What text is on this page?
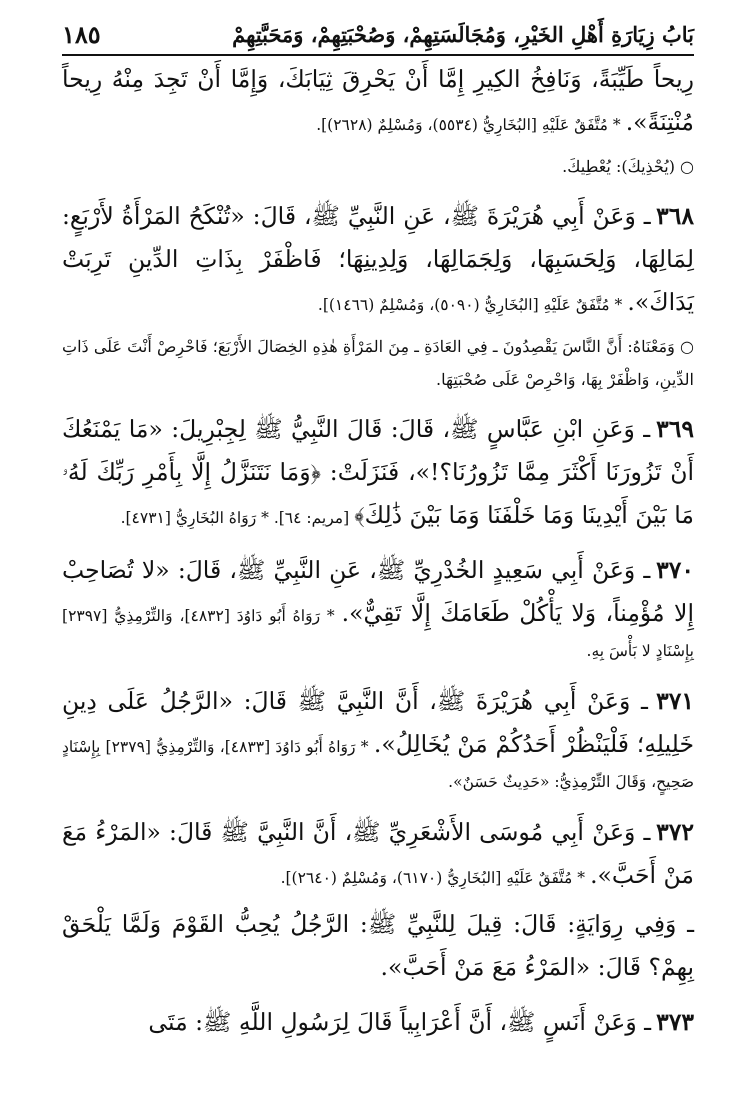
بَابُ زِيَارَةِ أَهْلِ الخَيْرِ، وَمُجَالَسَتِهِمْ، وَصُحْبَتِهِمْ، وَمَحَبَّتِهِمْ
١٨٥

رِيحاً طَيِّبَةً، وَنَافِخُ الكِيرِ إِمَّا أَنْ يَحْرِقَ ثِيَابَكَ، وَإِمَّا أَنْ تَجِدَ مِنْهُ رِيحاً مُنْتِنَةً». * مُتَّفَقٌ عَلَيْهِ [البُخَارِيُّ (٥٥٣٤)، وَمُسْلِمٌ (٢٦٢٨)].

○ (يُحْذِيكَ): يُعْطِيكَ.

٣٦٨ ـ وَعَنْ أَبِي هُرَيْرَةَ ﷺ، عَنِ النَّبِيِّ ﷺ، قَالَ: «تُنْكَحُ المَرْأَةُ لأَرْبَعٍ: لِمَالِهَا، وَلِحَسَبِهَا، وَلِجَمَالِهَا، وَلِدِينِهَا؛ فَاظْفَرْ بِذَاتِ الدِّينِ تَرِبَتْ يَدَاكَ». * مُتَّفَقٌ عَلَيْهِ [البُخَارِيُّ (٥٠٩٠)، وَمُسْلِمٌ (١٤٦٦)].

○ وَمَعْنَاهُ: أَنَّ النَّاسَ يَقْصِدُونَ ـ فِي العَادَةِ ـ مِنَ المَرْأَةِ هٰذِهِ الخِصَالَ الأَرْبَعَ؛ فَاحْرِصْ أَنْتَ عَلَى ذَاتِ الدِّينِ، وَاظْفَرْ بِهَا، وَاحْرِصْ عَلَى صُحْبَتِهَا.

٣٦٩ ـ وَعَنِ ابْنِ عَبَّاسٍ ﷺ، قَالَ: قَالَ النَّبِيُّ ﷺ لِجِبْرِيلَ: «مَا يَمْنَعُكَ أَنْ تَزُورَنَا أَكْثَرَ مِمَّا تَزُورُنَا؟!»، فَنَزَلَتْ: ﴿وَمَا نَتَنَزَّلُ إِلَّا بِأَمْرِ رَبِّكَ لَهُۥ مَا بَيْنَ أَيْدِينَا وَمَا خَلْفَنَا وَمَا بَيْنَ ذَٰلِكَ﴾ [مريم: ٦٤]. * رَوَاهُ البُخَارِيُّ [٤٧٣١].

٣٧٠ ـ وَعَنْ أَبِي سَعِيدٍ الخُدْرِيِّ ﷺ، عَنِ النَّبِيِّ ﷺ، قَالَ: «لا تُصَاحِبْ إِلا مُؤْمِناً، وَلا يَأْكُلْ طَعَامَكَ إِلَّا تَقِيٌّ». * رَوَاهُ أَبُو دَاوُدَ [٤٨٣٢]، وَالتِّرْمِذِيُّ [٢٣٩٧] بِإِسْنَادٍ لا بَأْسَ بِهِ.

٣٧١ ـ وَعَنْ أَبِي هُرَيْرَةَ ﷺ، أَنَّ النَّبِيَّ ﷺ قَالَ: «الرَّجُلُ عَلَى دِينِ خَلِيلِهِ؛ فَلْيَنْظُرْ أَحَدُكُمْ مَنْ يُخَالِلُ». * رَوَاهُ أَبُو دَاوُدَ [٤٨٣٣]، وَالتِّرْمِذِيُّ [٢٣٧٩] بِإِسْنَادٍ صَحِيحٍ، وَقَالَ التِّرْمِذِيُّ: «حَدِيثٌ حَسَنٌ».

٣٧٢ ـ وَعَنْ أَبِي مُوسَى الأَشْعَرِيِّ ﷺ، أَنَّ النَّبِيَّ ﷺ قَالَ: «المَرْءُ مَعَ مَنْ أَحَبَّ». * مُتَّفَقٌ عَلَيْهِ [البُخَارِيُّ (٦١٧٠)، وَمُسْلِمٌ (٢٦٤٠)].

ـ وَفِي رِوَايَةٍ: قَالَ: قِيلَ لِلنَّبِيِّ ﷺ: الرَّجُلُ يُحِبُّ القَوْمَ وَلَمَّا يَلْحَقْ بِهِمْ؟ قَالَ: «المَرْءُ مَعَ مَنْ أَحَبَّ».

٣٧٣ ـ وَعَنْ أَنَسٍ ﷺ، أَنَّ أَعْرَابِياً قَالَ لِرَسُولِ اللَّهِ ﷺ: مَتَى
